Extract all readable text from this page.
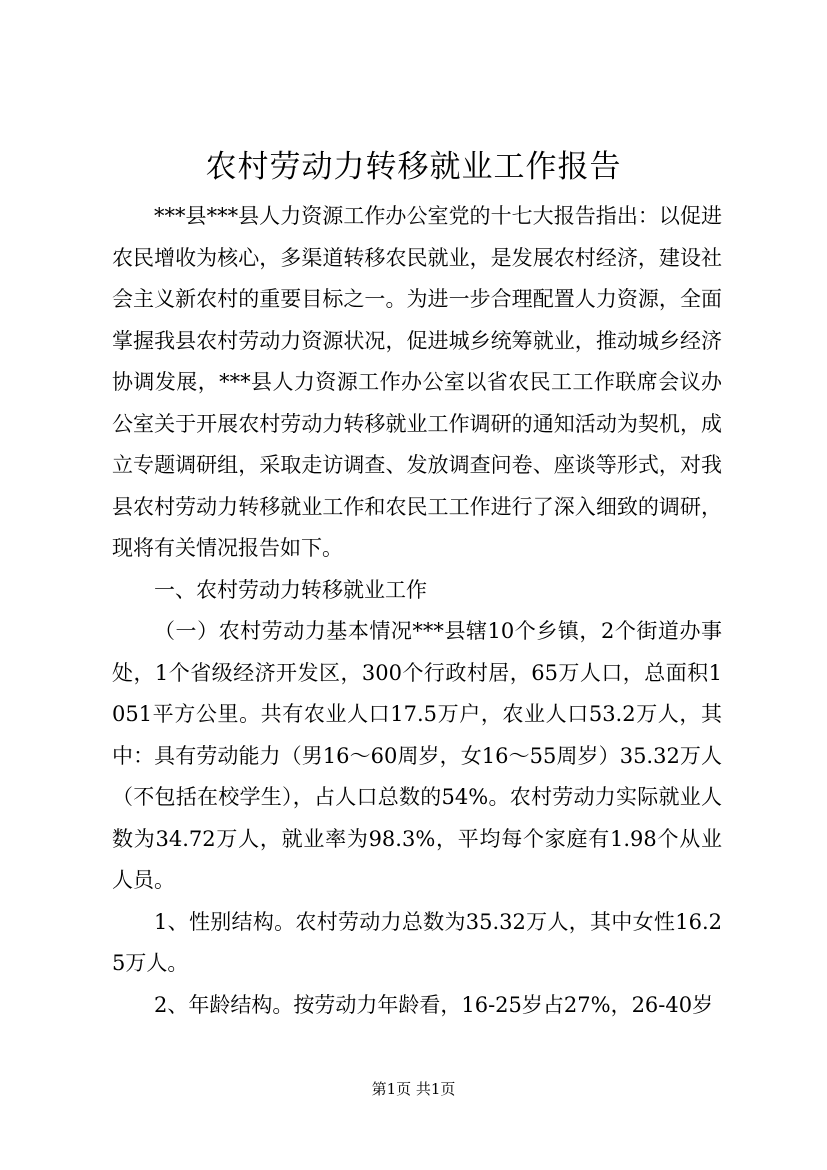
农村劳动力转移就业工作报告

***县***县人力资源工作办公室党的十七大报告指出：以促进农民增收为核心，多渠道转移农民就业，是发展农村经济，建设社会主义新农村的重要目标之一。为进一步合理配置人力资源，全面掌握我县农村劳动力资源状况，促进城乡统筹就业，推动城乡经济协调发展，***县人力资源工作办公室以省农民工工作联席会议办公室关于开展农村劳动力转移就业工作调研的通知活动为契机，成立专题调研组，采取走访调查、发放调查问卷、座谈等形式，对我县农村劳动力转移就业工作和农民工工作进行了深入细致的调研，现将有关情况报告如下。

一、农村劳动力转移就业工作

（一）农村劳动力基本情况***县辖10个乡镇，2个街道办事处，1个省级经济开发区，300个行政村居，65万人口，总面积1051平方公里。共有农业人口17.5万户，农业人口53.2万人，其中：具有劳动能力（男16～60周岁，女16～55周岁）35.32万人（不包括在校学生），占人口总数的54%。农村劳动力实际就业人数为34.72万人，就业率为98.3%，平均每个家庭有1.98个从业人员。

1、性别结构。农村劳动力总数为35.32万人，其中女性16.25万人。

2、年龄结构。按劳动力年龄看，16-25岁占27%，26-40岁

第1页 共1页
